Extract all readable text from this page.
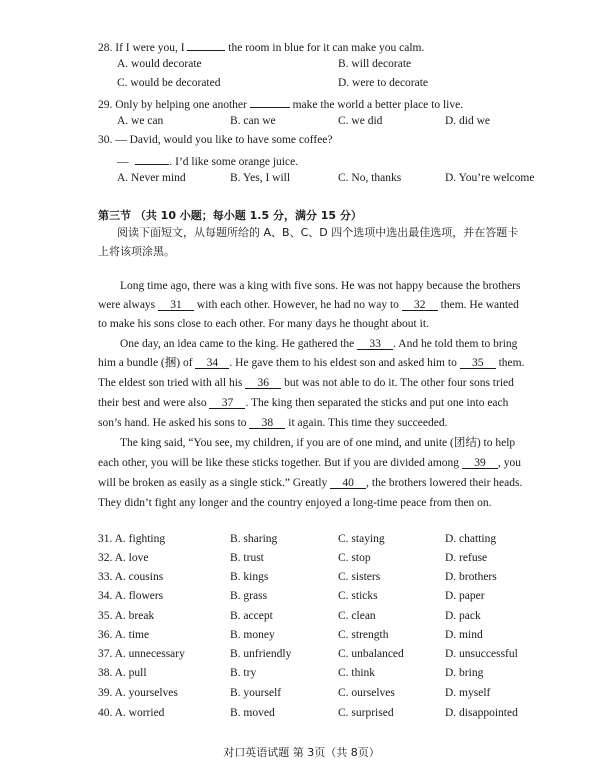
28. If I were you, I	the room in blue for it can make you calm.
A. would decorate	B. will decorate
C. would be decorated	D. were to decorate
29. Only by helping one another	make the world a better place to live.
A. we can	B. can we	C. we did	D. did we
30. — David, would you like to have some coffee?
—	. I’d like some orange juice.
A. Never mind	B. Yes, I will	C. No, thanks	D. You’re welcome
第三节 （共 10 小题；每小题 1.5 分，满分 15 分）
阅读下面短文，从每题所给的 A、B、C、D 四个选项中选出最佳选项，并在答题卡
上将该项涂黑。
Long time ago, there was a king with five sons. He was not happy because the brothers
were always 31 with each other. However, he had no way to 32 them. He wanted
to make his sons close to each other. For many days he thought about it.
One day, an idea came to the king. He gathered the 33 . And he told them to bring
him a bundle (捆) of 34 . He gave them to his eldest son and asked him to 35 them.
The eldest son tried with all his 36 but was not able to do it. The other four sons tried
their best and were also 37 . The king then separated the sticks and put one into each
son’s hand. He asked his sons to 38 it again. This time they succeeded.
The king said, “You see, my children, if you are of one mind, and unite (团结) to help
each other, you will be like these sticks together. But if you are divided among 39 , you
will be broken as easily as a single stick.” Greatly 40 , the brothers lowered their heads.
They didn’t fight any longer and the country enjoyed a long-time peace from then on.
31. A. fighting	B. sharing	C. staying	D. chatting
32. A. love	B. trust	C. stop	D. refuse
33. A. cousins	B. kings	C. sisters	D. brothers
34. A. flowers	B. grass	C. sticks	D. paper
35. A. break	B. accept	C. clean	D. pack
36. A. time	B. money	C. strength	D. mind
37. A. unnecessary	B. unfriendly	C. unbalanced	D. unsuccessful
38. A. pull	B. try	C. think	D. bring
39. A. yourselves	B. yourself	C. ourselves	D. myself
40. A. worried	B. moved	C. surprised	D. disappointed
对口英语试题 第 3页（共 8页）
